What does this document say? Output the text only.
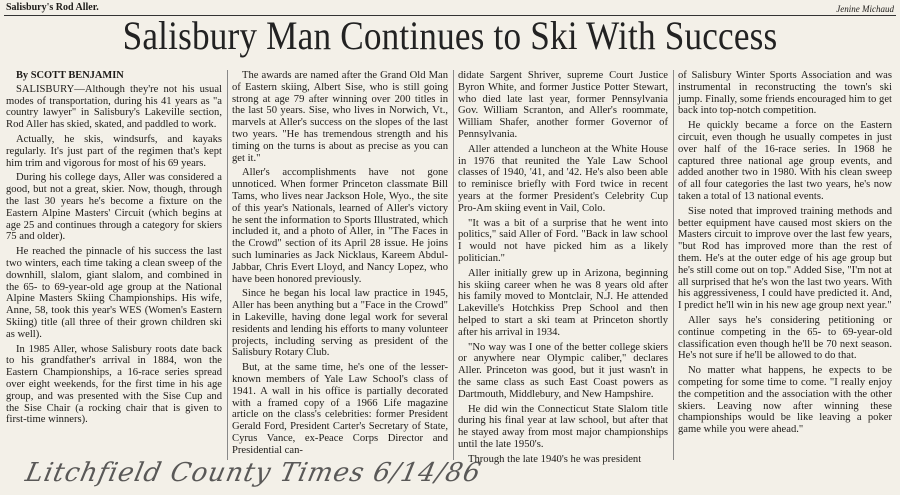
Salisbury's Rod Aller.	Jenine Michaud
Salisbury Man Continues to Ski With Success
By SCOTT BENJAMIN

SALISBURY—Although they're not his usual modes of transportation, during his 41 years as "a country lawyer" in Salisbury's Lakeville section, Rod Aller has skied, skated, and paddled to work.

Actually, he skis, windsurfs, and kayaks regularly. It's just part of the regimen that's kept him trim and vigorous for most of his 69 years.

During his college days, Aller was considered a good, but not a great, skier. Now, though, through the last 30 years he's become a fixture on the Eastern Alpine Masters' Circuit (which begins at age 25 and continues through a category for skiers 75 and older).

He reached the pinnacle of his success the last two winters, each time taking a clean sweep of the downhill, slalom, giant slalom, and combined in the 65- to 69-year-old age group at the National Alpine Masters Skiing Championships. His wife, Anne, 58, took this year's WES (Women's Eastern Skiing) title (all three of their grown children ski as well).

In 1985 Aller, whose Salisbury roots date back to his grandfather's arrival in 1884, won the Eastern Championships, a 16-race series spread over eight weekends, for the first time in his age group, and was presented with the Sise Cup and the Sise Chair (a rocking chair that is given to first-time winners).

The awards are named after the Grand Old Man of Eastern skiing, Albert Sise, who is still going strong at age 79 after winning over 200 titles in the last 50 years. Sise, who lives in Norwich, Vt., marvels at Aller's success on the slopes of the last two years. "He has tremendous strength and his timing on the turns is about as precise as you can get it."

Aller's accomplishments have not gone unnoticed. When former Princeton classmate Bill Tams, who lives near Jackson Hole, Wyo., the site of this year's Nationals, learned of Aller's victory he sent the information to Sports Illustrated, which included it, and a photo of Aller, in "The Faces in the Crowd" section of its April 28 issue. He joins such luminaries as Jack Nicklaus, Kareem Abdul-Jabbar, Chris Evert Lloyd, and Nancy Lopez, who have been honored previously.

Since he began his local law practice in 1945, Aller has been anything but a "Face in the Crowd" in Lakeville, having done legal work for several residents and lending his efforts to many volunteer projects, including serving as president of the Salisbury Rotary Club.

But, at the same time, he's one of the lesser-known members of Yale Law School's class of 1941. A wall in his office is partially decorated with a framed copy of a 1966 Life magazine article on the class's celebrities: former President Gerald Ford, President Carter's Secretary of State, Cyrus Vance, ex-Peace Corps Director and Presidential can-

didate Sargent Shriver, supreme Court Justice Byron White, and former Justice Potter Stewart, who died late last year, former Pennsylvania Gov. William Scranton, and Aller's roommate, William Shafer, another former Governor of Pennsylvania.

Aller attended a luncheon at the White House in 1976 that reunited the Yale Law School classes of 1940, '41, and '42. He's also been able to reminisce briefly with Ford twice in recent years at the former President's Celebrity Cup Pro-Am skiing event in Vail, Colo.

"It was a bit of a surprise that he went into politics," said Aller of Ford. "Back in law school I would not have picked him as a likely politician."

Aller initially grew up in Arizona, beginning his skiing career when he was 8 years old after his family moved to Montclair, N.J. He attended Lakeville's Hotchkiss Prep School and then helped to start a ski team at Princeton shortly after his arrival in 1934.

"No way was I one of the better college skiers or anywhere near Olympic caliber," declares Aller. Princeton was good, but it just wasn't in the same class as such East Coast powers as Dartmouth, Middlebury, and New Hampshire.

He did win the Connecticut State Slalom title during his final year at law school, but after that he stayed away from most major championships until the late 1950's.

Through the late 1940's he was president

of Salisbury Winter Sports Association and was instrumental in reconstructing the town's ski jump. Finally, some friends encouraged him to get back into top-notch competition.

He quickly became a force on the Eastern circuit, even though he usually competes in just over half of the 16-race series. In 1968 he captured three national age group events, and added another two in 1980. With his clean sweep of all four categories the last two years, he's now taken a total of 13 national events.

Sise noted that improved training methods and better equipment have caused most skiers on the Masters circuit to improve over the last few years, "but Rod has improved more than the rest of them. He's at the outer edge of his age group but he's still come out on top." Added Sise, "I'm not at all surprised that he's won the last two years. With his aggressiveness, I could have predicted it. And, I predict he'll win in his new age group next year."

Aller says he's considering petitioning or continue competing in the 65- to 69-year-old classification even though he'll be 70 next season. He's not sure if he'll be allowed to do that.

No matter what happens, he expects to be competing for some time to come. "I really enjoy the competition and the association with the other skiers. Leaving now after winning these championships would be like leaving a poker game while you were ahead."

Litchfield County Times 6/14/86
